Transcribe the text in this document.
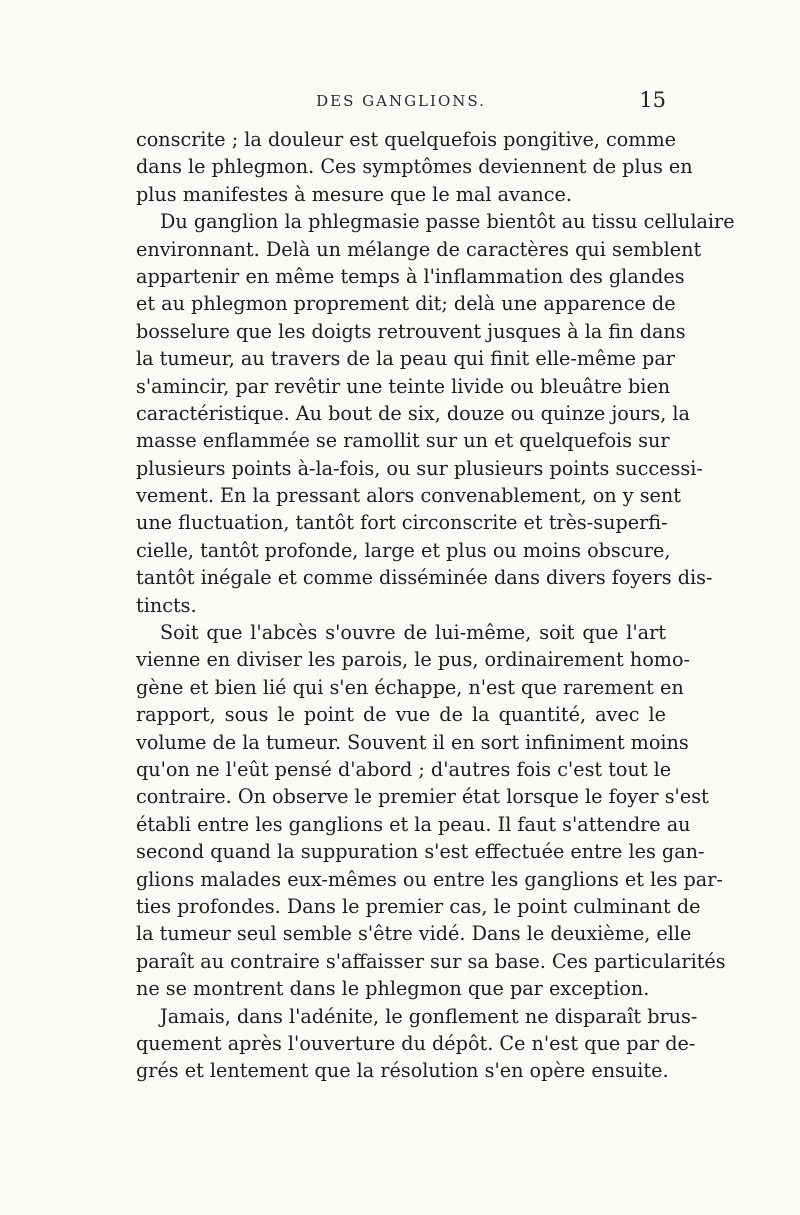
DES GANGLIONS.	15
conscrite ; la douleur est quelquefois pongitive, comme
dans le phlegmon. Ces symptômes deviennent de plus en
plus manifestes à mesure que le mal avance.
Du ganglion la phlegmasie passe bientôt au tissu cellulaire
environnant. Delà un mélange de caractères qui semblent
appartenir en même temps à l'inflammation des glandes
et au phlegmon proprement dit; delà une apparence de
bosselure que les doigts retrouvent jusques à la fin dans
la tumeur, au travers de la peau qui finit elle-même par
s'amincir, par revêtir une teinte livide ou bleuâtre bien
caractéristique. Au bout de six, douze ou quinze jours, la
masse enflammée se ramollit sur un et quelquefois sur
plusieurs points à-la-fois, ou sur plusieurs points successi-
vement. En la pressant alors convenablement, on y sent
une fluctuation, tantôt fort circonscrite et très-superfi-
cielle, tantôt profonde, large et plus ou moins obscure,
tantôt inégale et comme disséminée dans divers foyers dis-
tincts.
Soit que l'abcès s'ouvre de lui-même, soit que l'art
vienne en diviser les parois, le pus, ordinairement homo-
gène et bien lié qui s'en échappe, n'est que rarement en
rapport, sous le point de vue de la quantité, avec le
volume de la tumeur. Souvent il en sort infiniment moins
qu'on ne l'eût pensé d'abord ; d'autres fois c'est tout le
contraire. On observe le premier état lorsque le foyer s'est
établi entre les ganglions et la peau. Il faut s'attendre au
second quand la suppuration s'est effectuée entre les gan-
glions malades eux-mêmes ou entre les ganglions et les par-
ties profondes. Dans le premier cas, le point culminant de
la tumeur seul semble s'être vidé. Dans le deuxième, elle
paraît au contraire s'affaisser sur sa base. Ces particularités
ne se montrent dans le phlegmon que par exception.
Jamais, dans l'adénite, le gonflement ne disparaît brus-
quement après l'ouverture du dépôt. Ce n'est que par de-
grés et lentement que la résolution s'en opère ensuite.
